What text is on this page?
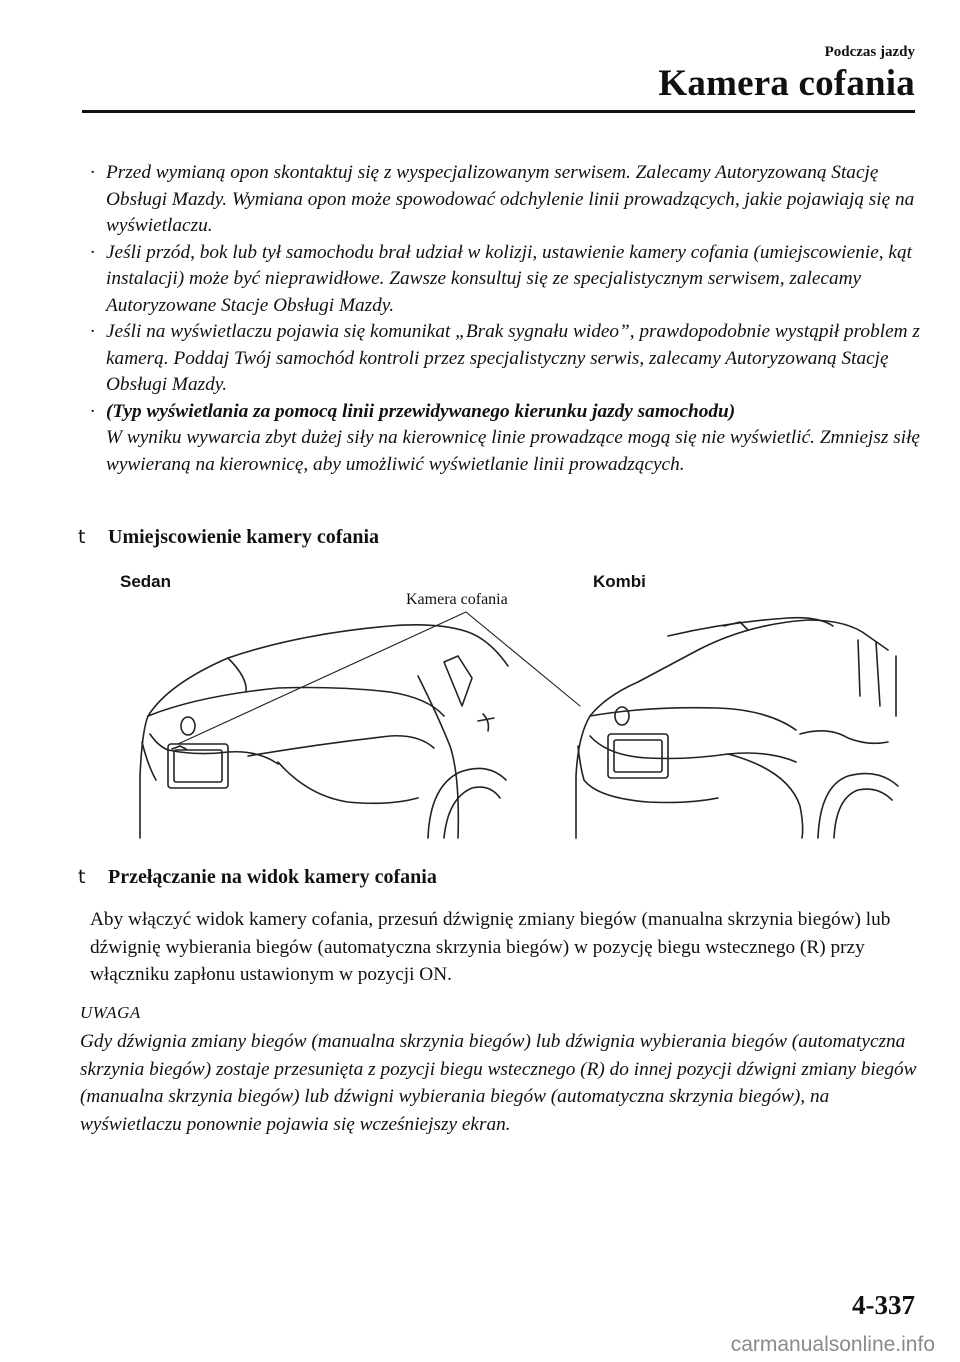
Podczas jazdy
Kamera cofania
· Przed wymianą opon skontaktuj się z wyspecjalizowanym serwisem. Zalecamy Autoryzowaną Stację Obsługi Mazdy. Wymiana opon może spowodować odchylenie linii prowadzących, jakie pojawiają się na wyświetlaczu.
· Jeśli przód, bok lub tył samochodu brał udział w kolizji, ustawienie kamery cofania (umiejscowienie, kąt instalacji) może być nieprawidłowe. Zawsze konsultuj się ze specjalistycznym serwisem, zalecamy Autoryzowane Stacje Obsługi Mazdy.
· Jeśli na wyświetlaczu pojawia się komunikat „Brak sygnału wideo”, prawdopodobnie wystąpił problem z kamerą. Poddaj Twój samochód kontroli przez specjalistyczny serwis, zalecamy Autoryzowaną Stację Obsługi Mazdy.
· (Typ wyświetlania za pomocą linii przewidywanego kierunku jazdy samochodu)
W wyniku wywarcia zbyt dużej siły na kierownicę linie prowadzące mogą się nie wyświetlić. Zmniejsz siłę wywieraną na kierownicę, aby umożliwić wyświetlanie linii prowadzących.
t Umiejscowienie kamery cofania
Sedan	Kombi
Kamera cofania
t Przełączanie na widok kamery cofania
Aby włączyć widok kamery cofania, przesuń dźwignię zmiany biegów (manualna skrzynia biegów) lub dźwignię wybierania biegów (automatyczna skrzynia biegów) w pozycję biegu wstecznego (R) przy włączniku zapłonu ustawionym w pozycji ON.
UWAGA
Gdy dźwignia zmiany biegów (manualna skrzynia biegów) lub dźwignia wybierania biegów (automatyczna skrzynia biegów) zostaje przesunięta z pozycji biegu wstecznego (R) do innej pozycji dźwigni zmiany biegów (manualna skrzynia biegów) lub dźwigni wybierania biegów (automatyczna skrzynia biegów), na wyświetlaczu ponownie pojawia się wcześniejszy ekran.
4-337
carmanualsonline.info
